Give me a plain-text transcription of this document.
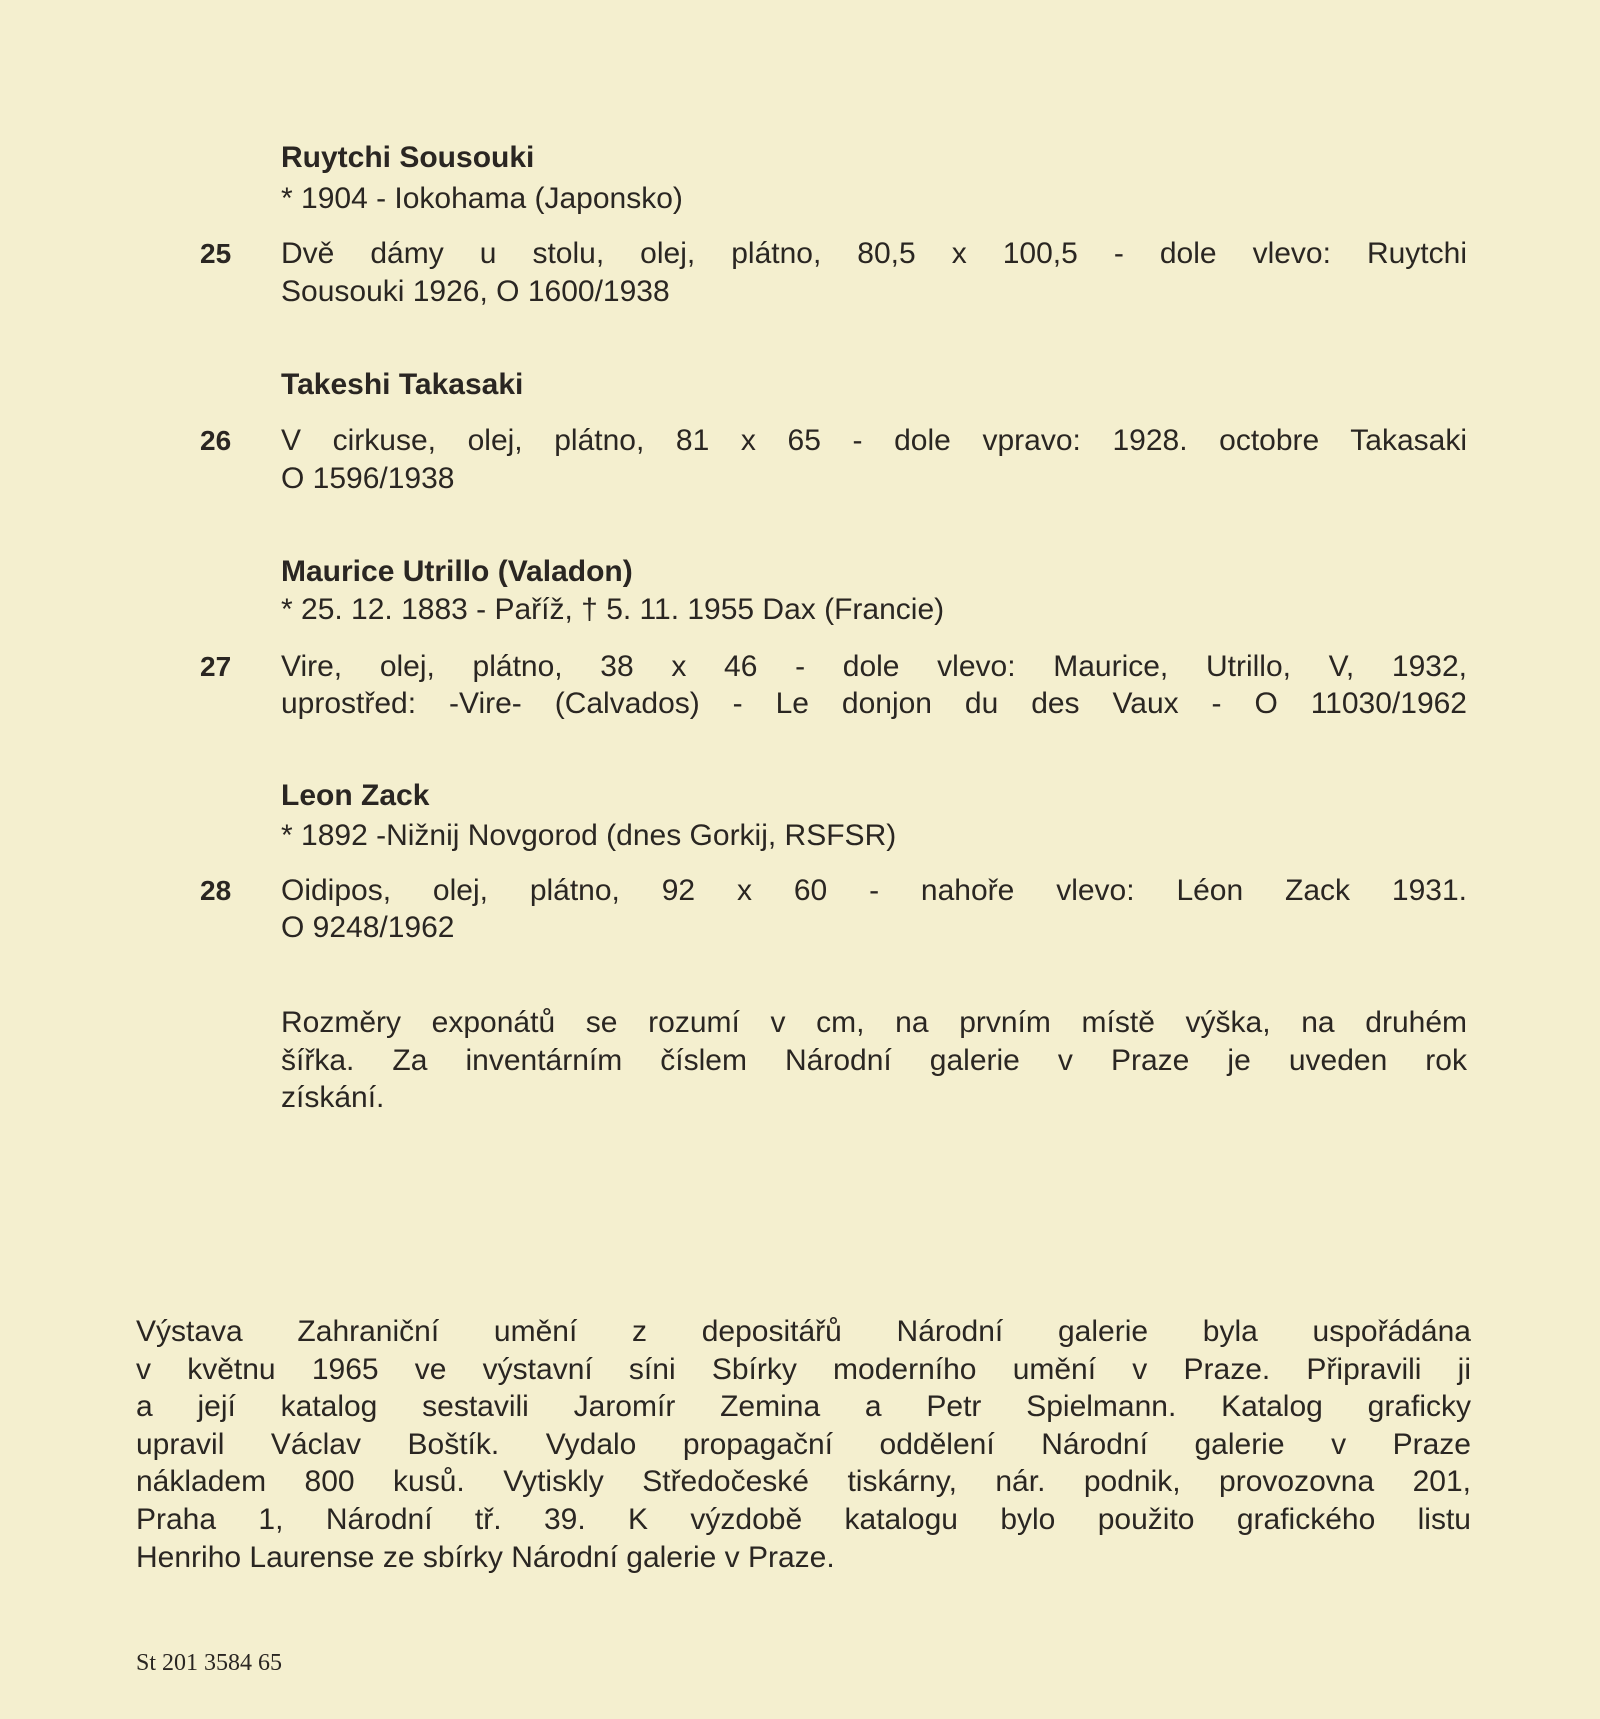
Ruytchi Sousouki
* 1904 - Iokohama (Japonsko)
25	Dvě dámy u stolu, olej, plátno, 80,5 x 100,5 - dole vlevo: Ruytchi
Sousouki 1926, O 1600/1938
Takeshi Takasaki
26	V cirkuse, olej, plátno, 81 x 65 - dole vpravo: 1928. octobre Takasaki
O 1596/1938
Maurice Utrillo (Valadon)
* 25. 12. 1883 - Paříž, † 5. 11. 1955 Dax (Francie)
27	Vire, olej, plátno, 38 x 46 - dole vlevo: Maurice, Utrillo, V, 1932,
uprostřed: -Vire- (Calvados) - Le donjon du des Vaux - O 11030/1962
Leon Zack
* 1892 -Nižnij Novgorod (dnes Gorkij, RSFSR)
28	Oidipos, olej, plátno, 92 x 60 - nahoře vlevo: Léon Zack 1931.
O 9248/1962
Rozměry exponátů se rozumí v cm, na prvním místě výška, na druhém
šířka. Za inventárním číslem Národní galerie v Praze je uveden rok
získání.
Výstava Zahraniční umění z depositářů Národní galerie byla uspořádána
v květnu 1965 ve výstavní síni Sbírky moderního umění v Praze. Připravili ji
a její katalog sestavili Jaromír Zemina a Petr Spielmann. Katalog graficky
upravil Václav Boštík. Vydalo propagační oddělení Národní galerie v Praze
nákladem 800 kusů. Vytiskly Středočeské tiskárny, nár. podnik, provozovna 201,
Praha 1, Národní tř. 39. K výzdobě katalogu bylo použito grafického listu
Henriho Laurense ze sbírky Národní galerie v Praze.
St 201 3584 65
